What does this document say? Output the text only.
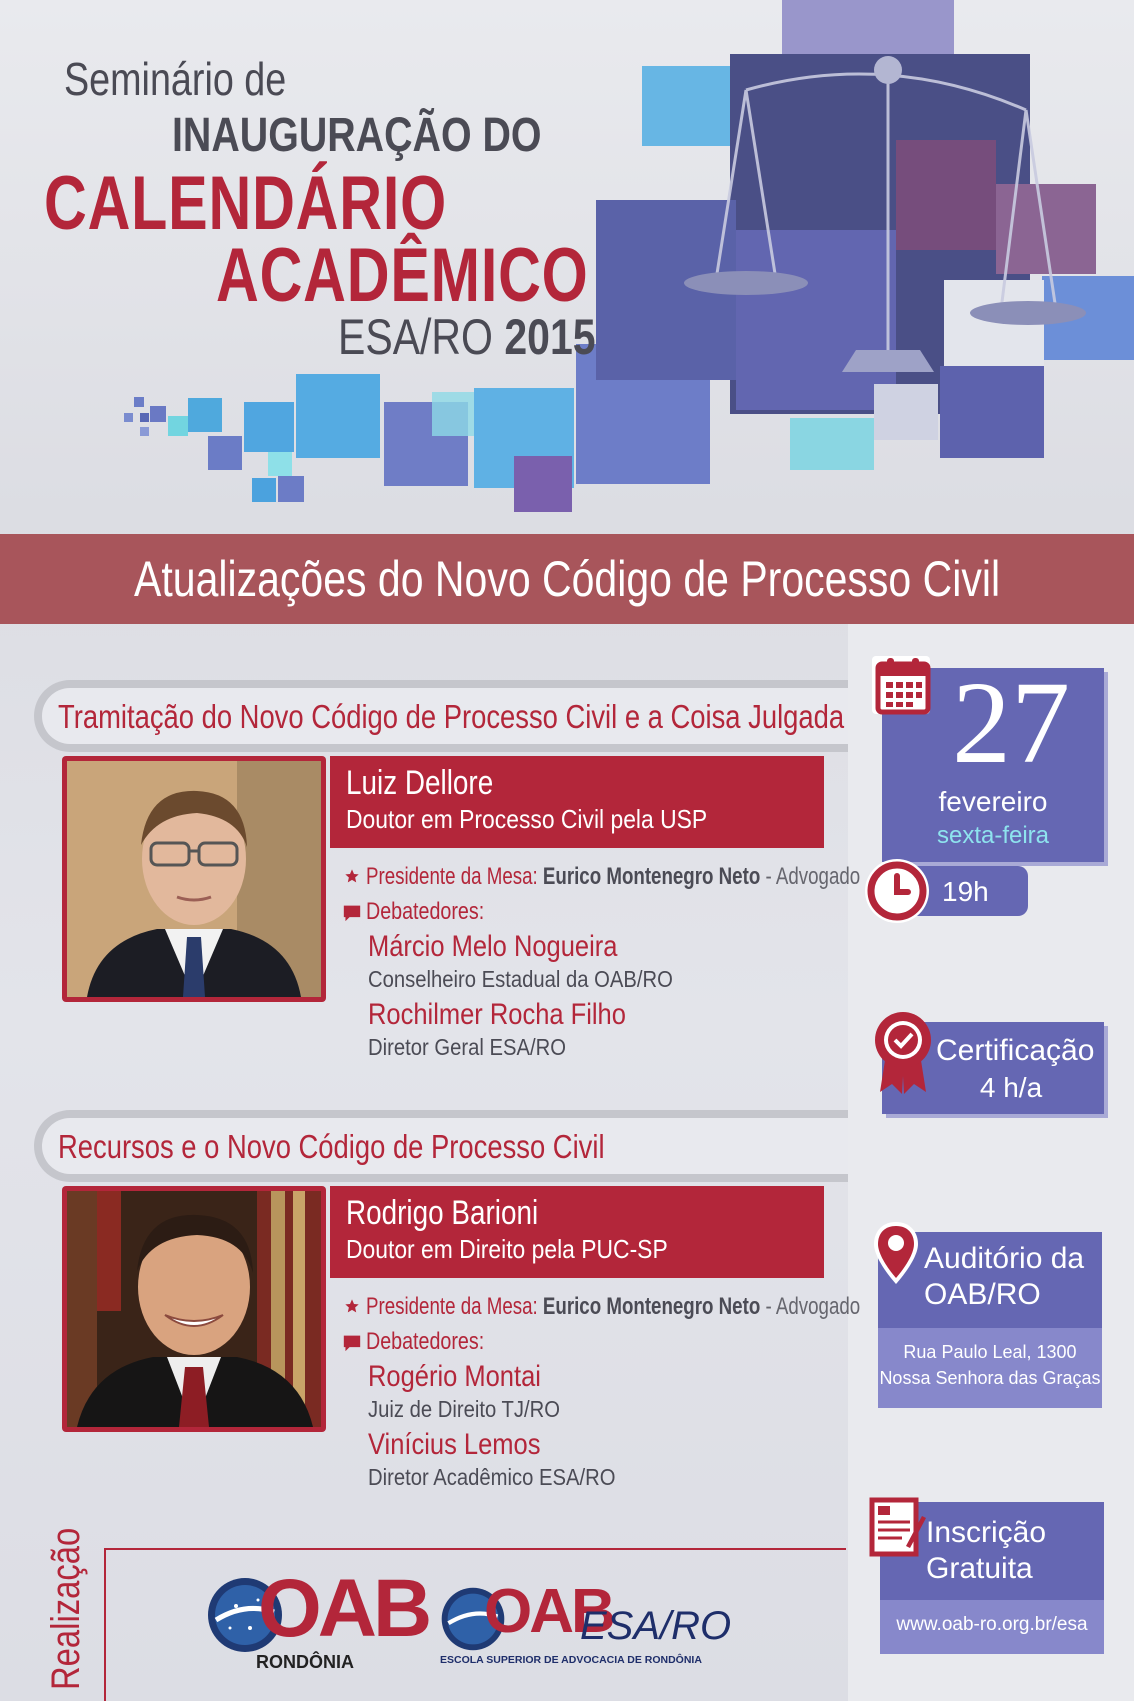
Seminário de
INAUGURAÇÃO DO
CALENDÁRIO
ACADÊMICO
ESA/RO 2015
Atualizações do Novo Código de Processo Civil
Tramitação do Novo Código de Processo Civil e a Coisa Julgada
Luiz Dellore
Doutor em Processo Civil pela USP
Presidente da Mesa: Eurico Montenegro Neto - Advogado
Debatedores:
Márcio Melo Nogueira
Conselheiro Estadual da OAB/RO
Rochilmer Rocha Filho
Diretor Geral ESA/RO
Recursos e o Novo Código de Processo Civil
Rodrigo Barioni
Doutor em Direito pela PUC-SP
Presidente da Mesa: Eurico Montenegro Neto - Advogado
Debatedores:
Rogério Montai
Juiz de Direito TJ/RO
Vinícius Lemos
Diretor Acadêmico ESA/RO
27
fevereiro
sexta-feira
19h
Certificação
4 h/a
Auditório da
OAB/RO
Rua Paulo Leal, 1300
Nossa Senhora das Graças
Inscrição
Gratuita
www.oab-ro.org.br/esa
Realização OAB
RONDÔNIA
OAB
ESA/RO
ESCOLA SUPERIOR DE ADVOCACIA DE RONDÔNIA
